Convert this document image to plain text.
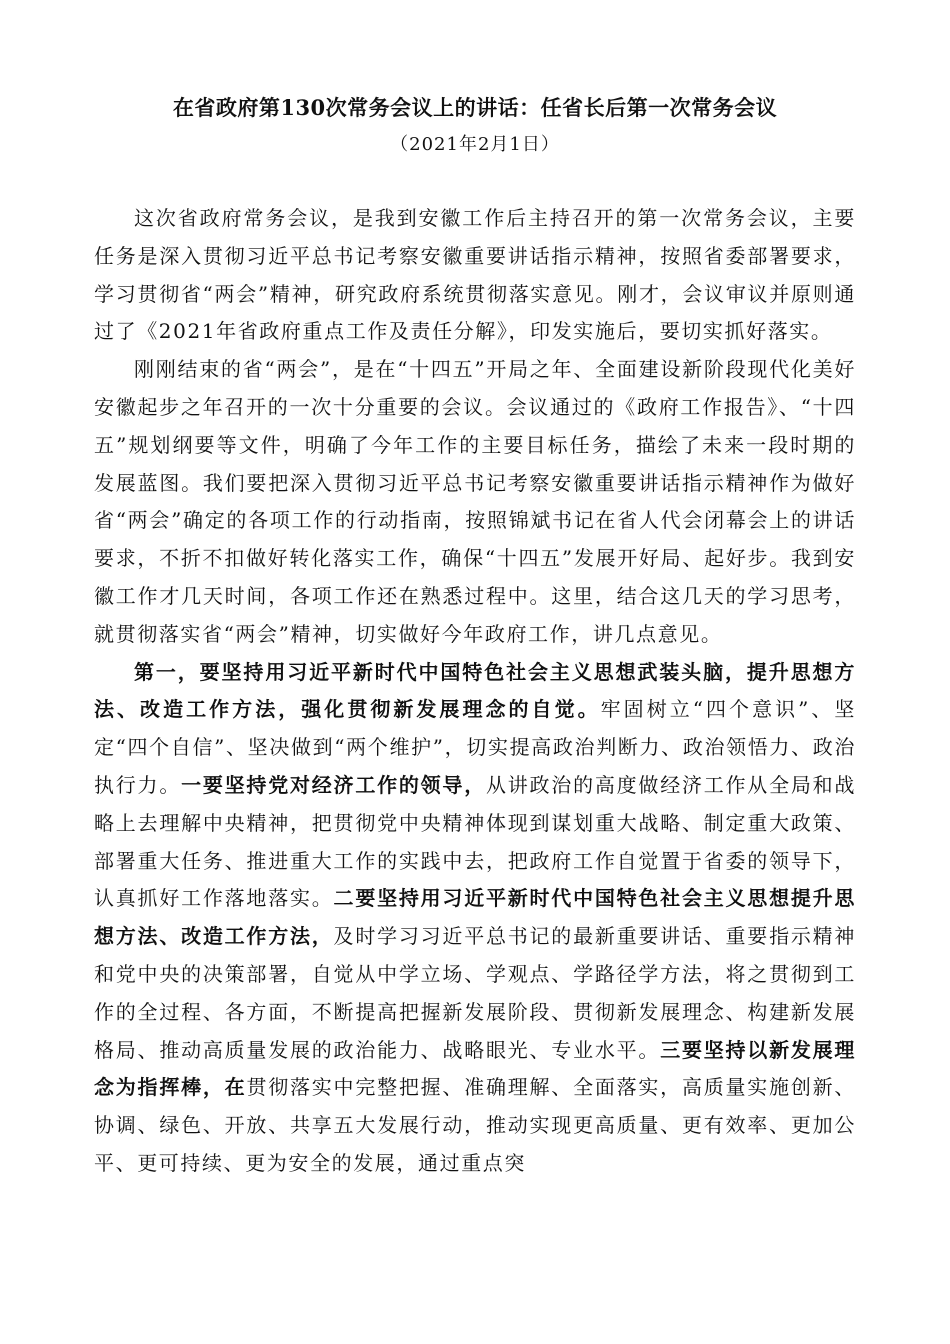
在省政府第130次常务会议上的讲话：任省长后第一次常务会议

（2021年2月1日）

这次省政府常务会议，是我到安徽工作后主持召开的第一次常务会议，主要任务是深入贯彻习近平总书记考察安徽重要讲话指示精神，按照省委部署要求，学习贯彻省“两会”精神，研究政府系统贯彻落实意见。刚才，会议审议并原则通过了《2021年省政府重点工作及责任分解》，印发实施后，要切实抓好落实。

刚刚结束的省“两会”，是在“十四五”开局之年、全面建设新阶段现代化美好安徽起步之年召开的一次十分重要的会议。会议通过的《政府工作报告》、“十四五”规划纲要等文件，明确了今年工作的主要目标任务，描绘了未来一段时期的发展蓝图。我们要把深入贯彻习近平总书记考察安徽重要讲话指示精神作为做好省“两会”确定的各项工作的行动指南，按照锦斌书记在省人代会闭幕会上的讲话要求，不折不扣做好转化落实工作，确保“十四五”发展开好局、起好步。我到安徽工作才几天时间，各项工作还在熟悉过程中。这里，结合这几天的学习思考，就贯彻落实省“两会”精神，切实做好今年政府工作，讲几点意见。

第一，要坚持用习近平新时代中国特色社会主义思想武装头脑，提升思想方法、改造工作方法，强化贯彻新发展理念的自觉。牢固树立“四个意识”、坚定“四个自信”、坚决做到“两个维护”，切实提高政治判断力、政治领悟力、政治执行力。一要坚持党对经济工作的领导，从讲政治的高度做经济工作从全局和战略上去理解中央精神，把贯彻党中央精神体现到谋划重大战略、制定重大政策、部署重大任务、推进重大工作的实践中去，把政府工作自觉置于省委的领导下，认真抓好工作落地落实。二要坚持用习近平新时代中国特色社会主义思想提升思想方法、改造工作方法，及时学习习近平总书记的最新重要讲话、重要指示精神和党中央的决策部署，自觉从中学立场、学观点、学路径学方法，将之贯彻到工作的全过程、各方面，不断提高把握新发展阶段、贯彻新发展理念、构建新发展格局、推动高质量发展的政治能力、战略眼光、专业水平。三要坚持以新发展理念为指挥棒，在贯彻落实中完整把握、准确理解、全面落实，高质量实施创新、协调、绿色、开放、共享五大发展行动，推动实现更高质量、更有效率、更加公平、更可持续、更为安全的发展，通过重点突
